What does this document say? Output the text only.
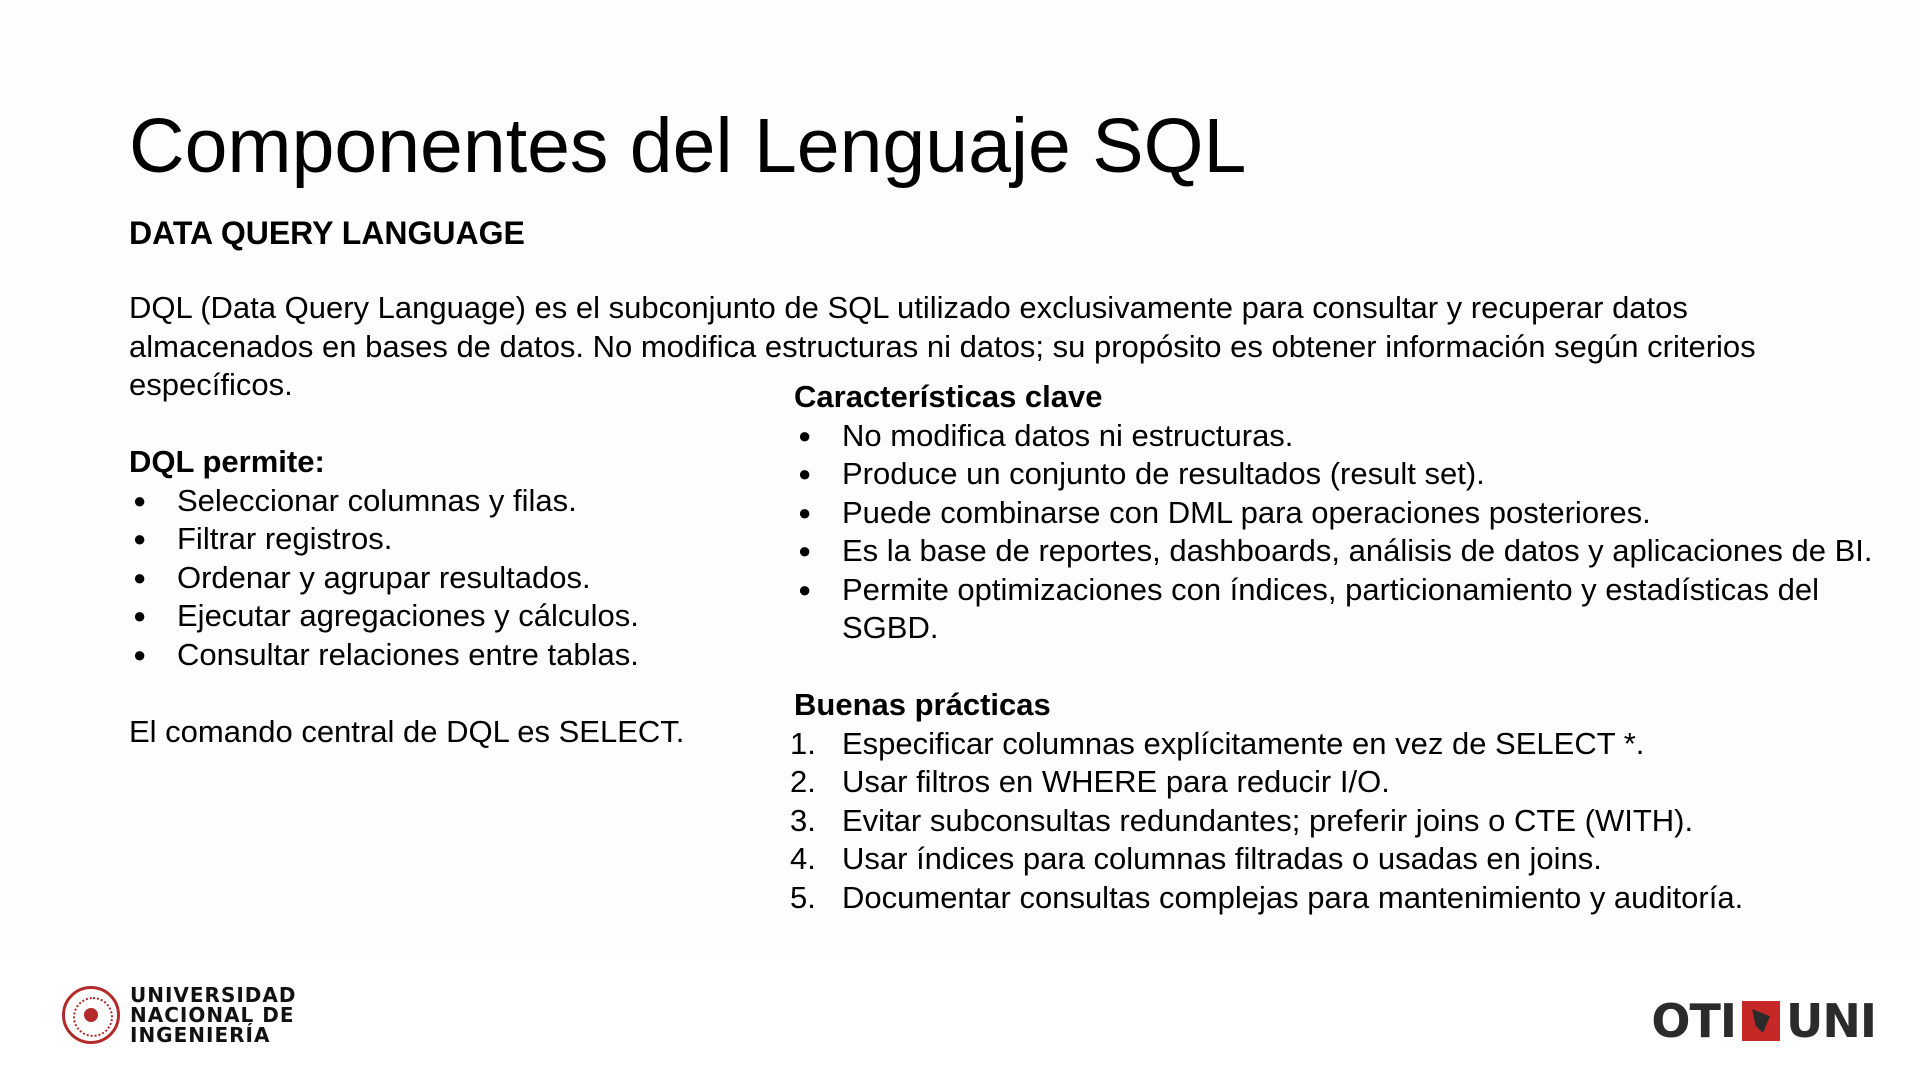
Componentes del Lenguaje SQL
DATA QUERY LANGUAGE

DQL (Data Query Language) es el subconjunto de SQL utilizado exclusivamente para consultar y recuperar datos almacenados en bases de datos. No modifica estructuras ni datos; su propósito es obtener información según criterios específicos.

DQL permite:

● Seleccionar columnas y filas.
● Filtrar registros.
● Ordenar y agrupar resultados.
● Ejecutar agregaciones y cálculos.
● Consultar relaciones entre tablas.

El comando central de DQL es SELECT.

Características clave

● No modifica datos ni estructuras.
● Produce un conjunto de resultados (result set).
● Puede combinarse con DML para operaciones posteriores.
● Es la base de reportes, dashboards, análisis de datos y aplicaciones de BI.
● Permite optimizaciones con índices, particionamiento y estadísticas del SGBD.

Buenas prácticas

1. Especificar columnas explícitamente en vez de SELECT *.
2. Usar filtros en WHERE para reducir I/O.
3. Evitar subconsultas redundantes; preferir joins o CTE (WITH).
4. Usar índices para columnas filtradas o usadas en joins.
5. Documentar consultas complejas para mantenimiento y auditoría.
UNIVERSIDAD
NACIONAL DE
INGENIERÍA	OTI UNI
